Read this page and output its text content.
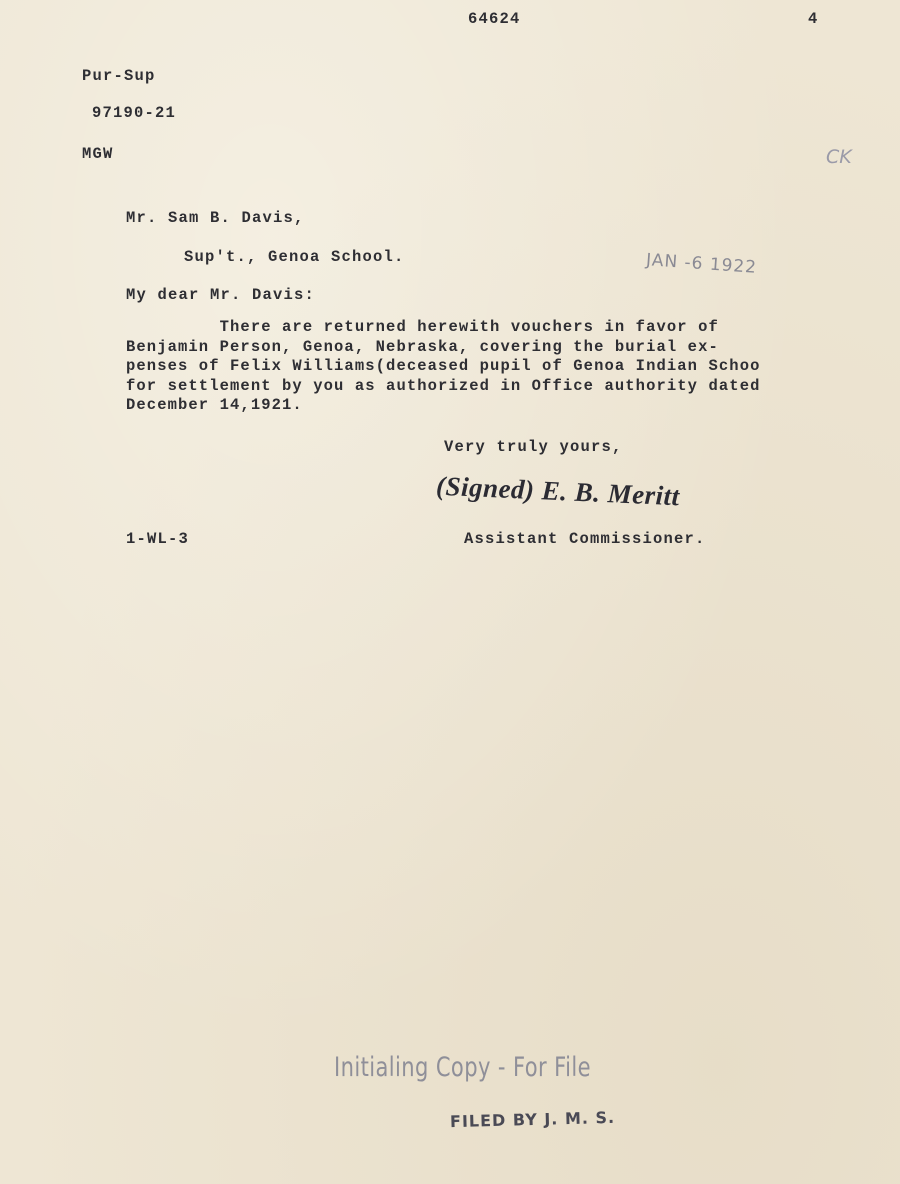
64624	4
Pur-Sup
97190-21
MGW	CK
Mr. Sam B. Davis,
Sup't., Genoa School.	JAN -6 1922
My dear Mr. Davis:
There are returned herewith vouchers in favor of
Benjamin Person, Genoa, Nebraska, covering the burial ex-
penses of Felix Williams(deceased pupil of Genoa Indian Schoo
for settlement by you as authorized in Office authority dated
December 14,1921.
Very truly yours,
(Signed) E. B. Meritt
1-WL-3	Assistant Commissioner.
Initialing Copy - For File
FILED BY J. M. S.
